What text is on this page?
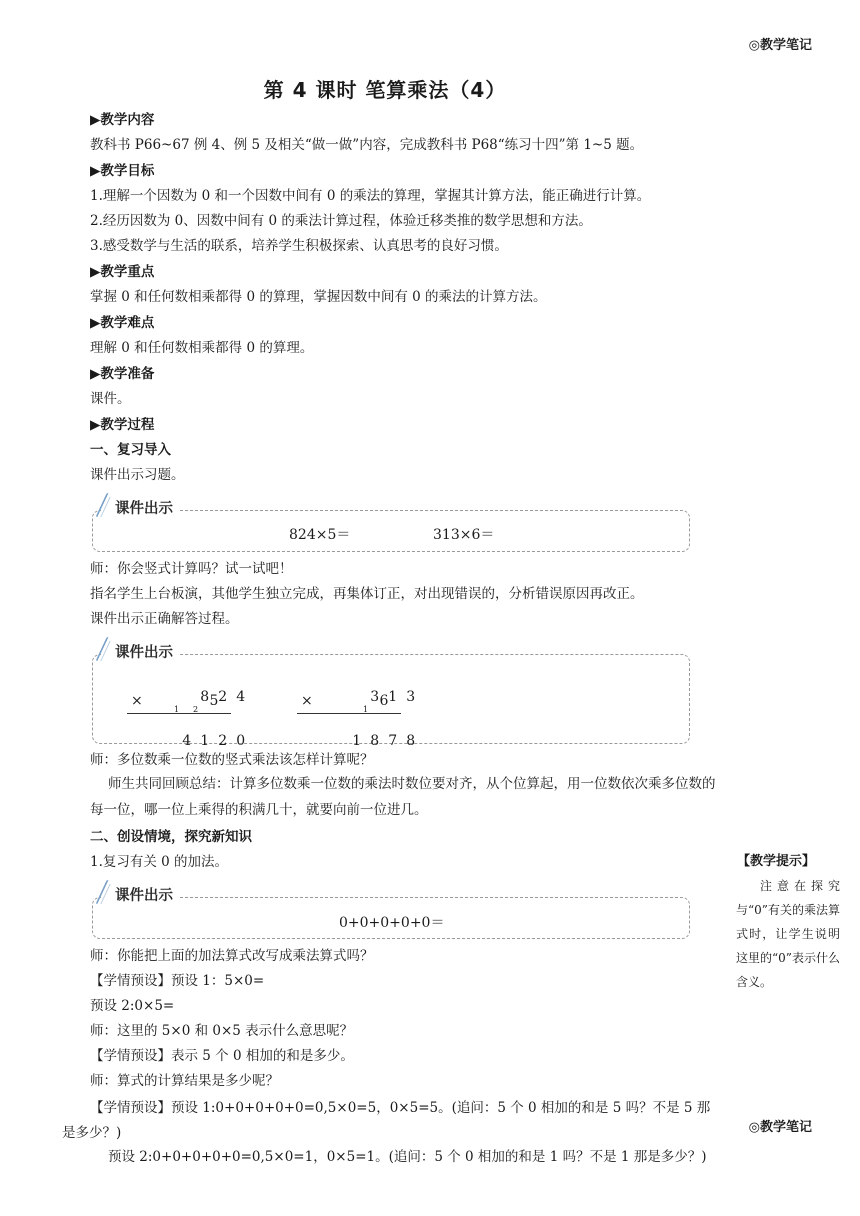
◎教学笔记
第 4 课时 笔算乘法（4）
▶教学内容
教科书 P66~67 例 4、例 5 及相关“做一做”内容，完成教科书 P68“练习十四”第 1~5 题。
▶教学目标
1.理解一个因数为 0 和一个因数中间有 0 的乘法的算理，掌握其计算方法，能正确进行计算。
2.经历因数为 0、因数中间有 0 的乘法计算过程，体验迁移类推的数学思想和方法。
3.感受数学与生活的联系，培养学生积极探索、认真思考的良好习惯。
▶教学重点
掌握 0 和任何数相乘都得 0 的算理，掌握因数中间有 0 的乘法的计算方法。
▶教学难点
理解 0 和任何数相乘都得 0 的算理。
▶教学准备
课件。
▶教学过程
一、复习导入
课件出示习题。
课件出示
824×5＝	313×6＝
师：你会竖式计算吗？试一试吧！
指名学生上台板演，其他学生独立完成，再集体订正，对出现错误的，分析错误原因再改正。
课件出示正确解答过程。
课件出示

8 2 4

×	5
1 2

4 1 2 0

3 1 3

×	6
1

1 8 7 8

师：多位数乘一位数的竖式乘法该怎样计算呢？
师生共同回顾总结：计算多位数乘一位数的乘法时数位要对齐，从个位算起，用一位数依次乘多位数的每一位，哪一位上乘得的积满几十，就要向前一位进几。
二、创设情境，探究新知识
1.复习有关 0 的加法。
课件出示
0+0+0+0+0＝
师：你能把上面的加法算式改写成乘法算式吗？
【学情预设】预设 1：5×0=
预设 2:0×5=
师：这里的 5×0 和 0×5 表示什么意思呢？
【学情预设】表示 5 个 0 相加的和是多少。
师：算式的计算结果是多少呢？
【学情预设】预设 1:0+0+0+0+0=0,5×0=5，0×5=5。(追问：5 个 0 相加的和是 5 吗？不是 5 那是多少？)
预设 2:0+0+0+0+0=0,5×0=1，0×5=1。(追问：5 个 0 相加的和是 1 吗？不是 1 那是多少？)
【教学提示】
注意在探究与“0”有关的乘法算式时，让学生说明这里的“0”表示什么含义。
◎教学笔记
